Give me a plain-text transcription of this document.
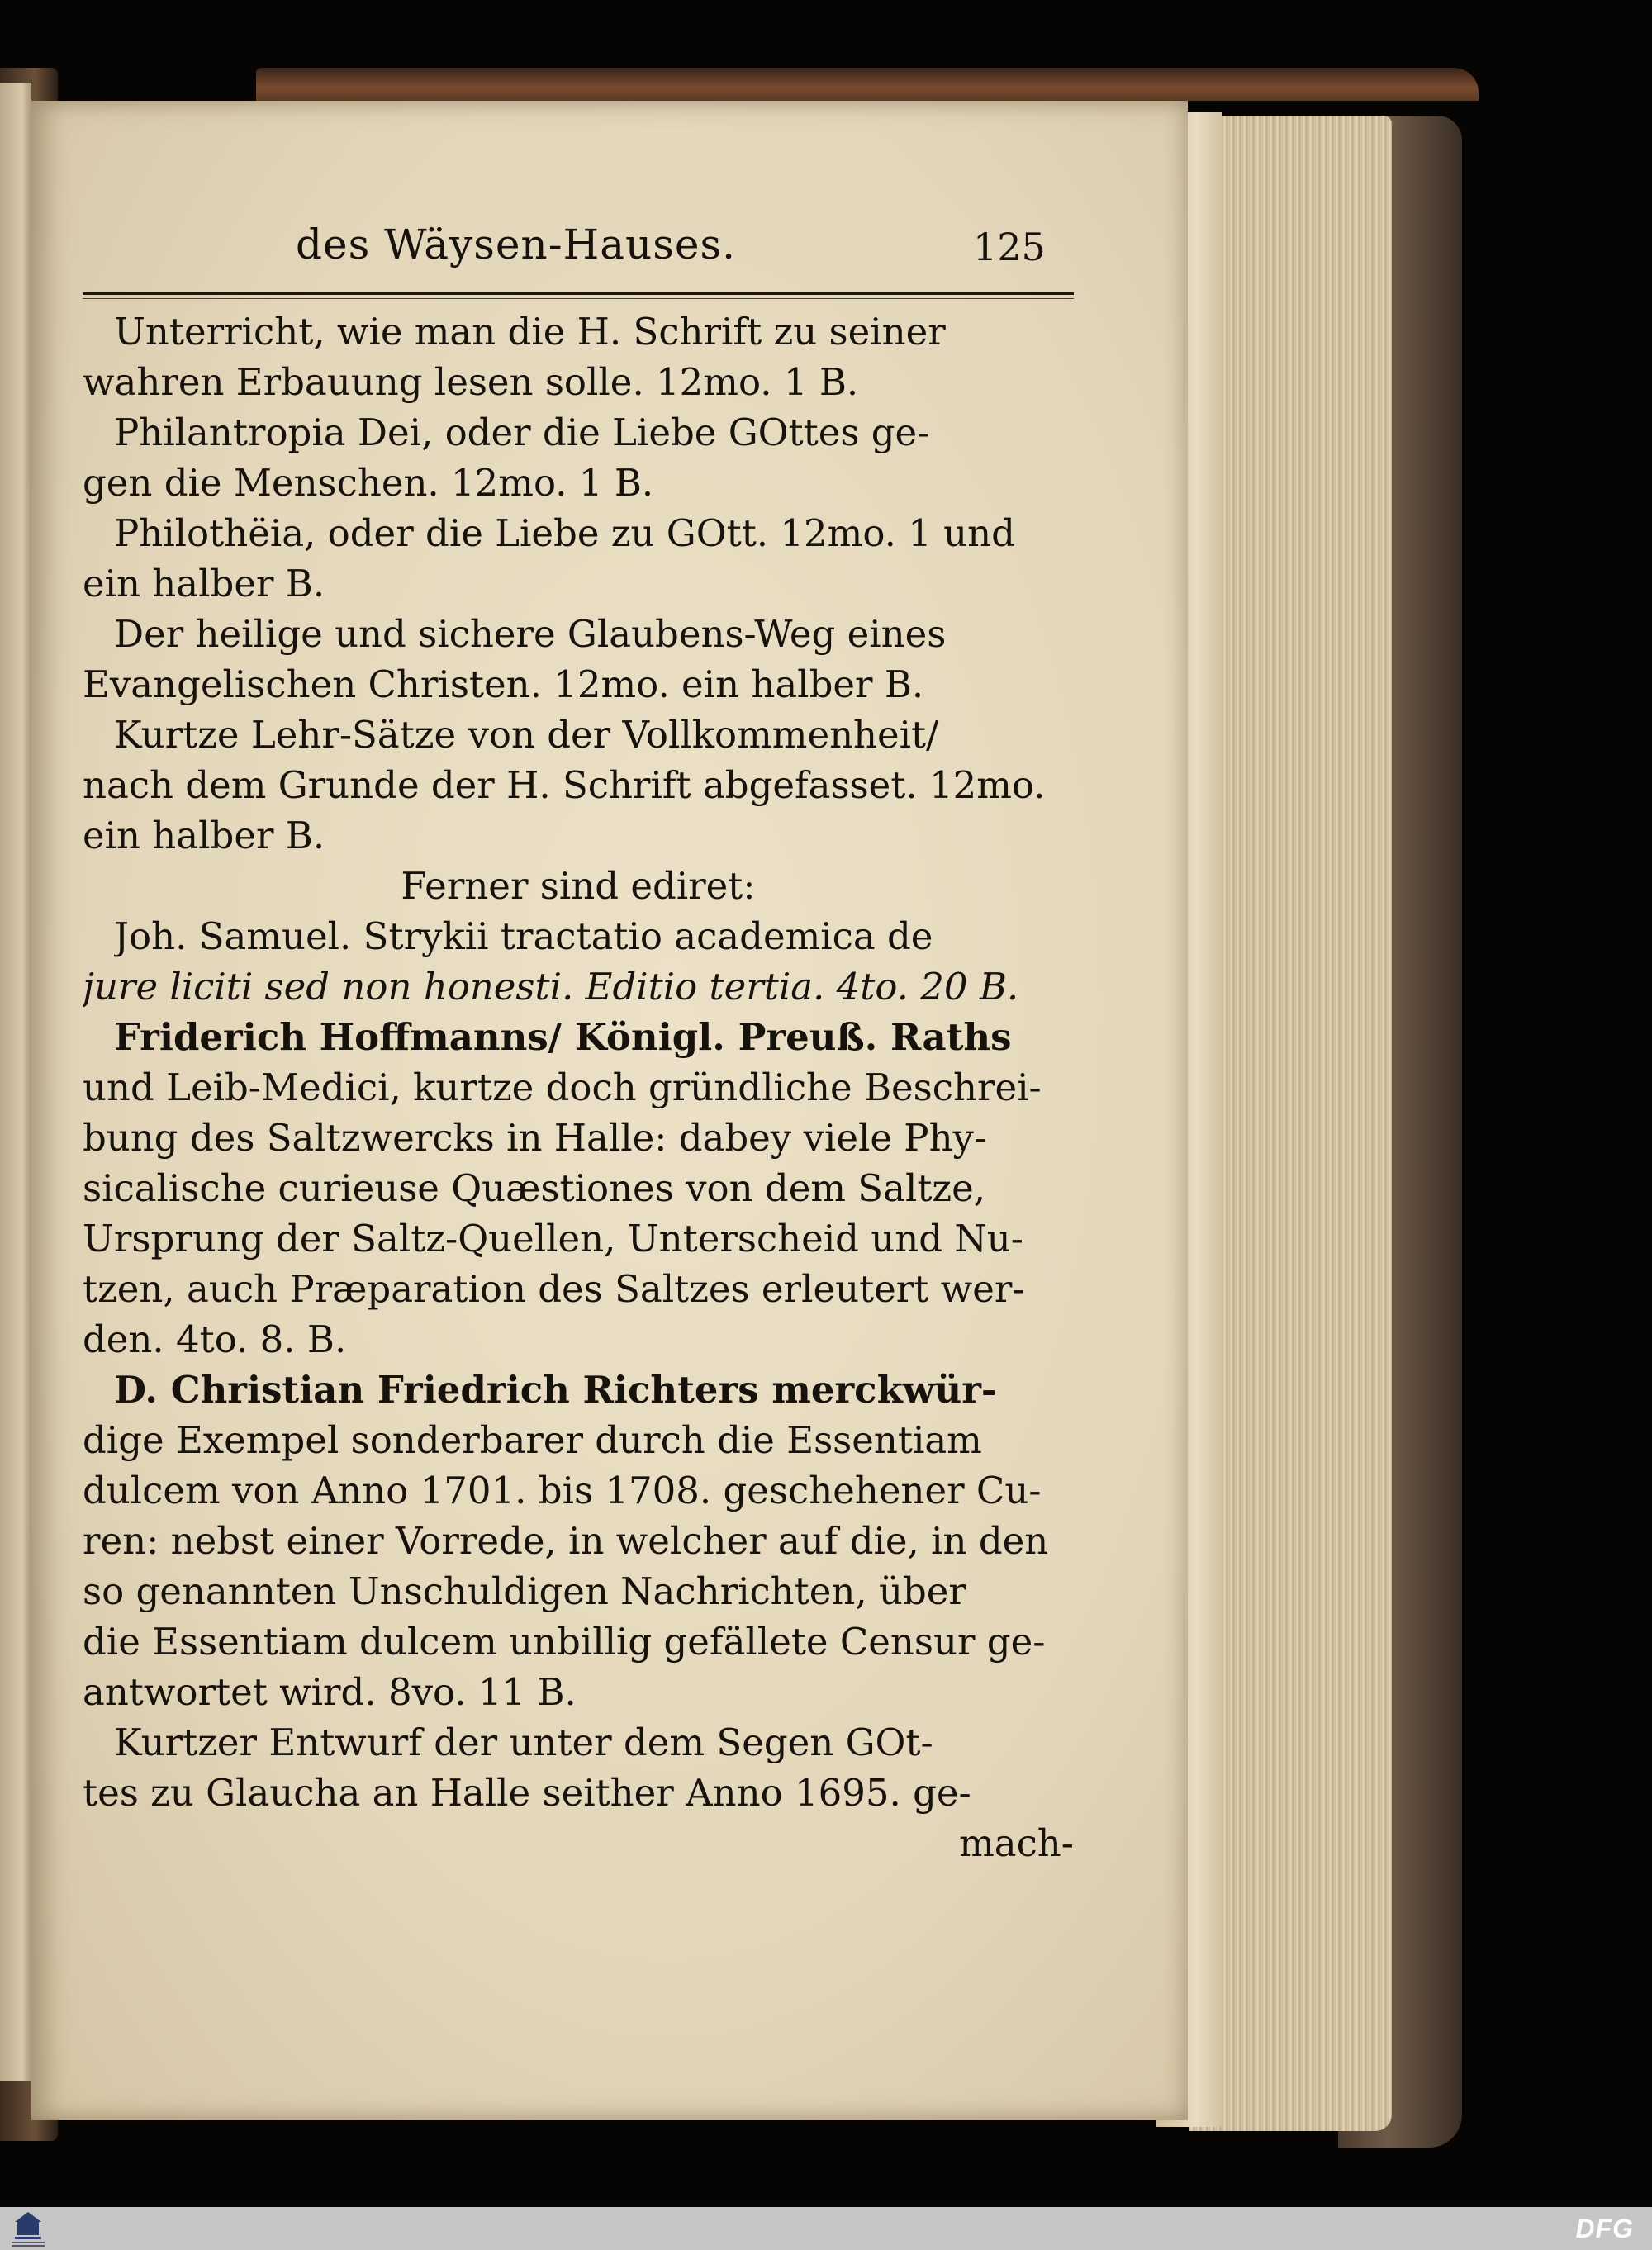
des Wäysen-Hauses.	125
Unterricht, wie man die H. Schrift zu seiner
wahren Erbauung lesen solle. 12mo. 1 B.
Philantropia Dei, oder die Liebe GOttes ge-
gen die Menschen. 12mo. 1 B.
Philothëia, oder die Liebe zu GOtt. 12mo. 1 und
ein halber B.
Der heilige und sichere Glaubens-Weg eines
Evangelischen Christen. 12mo. ein halber B.
Kurtze Lehr-Sätze von der Vollkommenheit/
nach dem Grunde der H. Schrift abgefasset. 12mo.
ein halber B.
Ferner sind ediret:
Joh. Samuel. Strykii tractatio academica de
jure liciti sed non honesti. Editio tertia. 4to. 20 B.
Friderich Hoffmanns/ Königl. Preuß. Raths
und Leib-Medici, kurtze doch gründliche Beschrei-
bung des Saltzwercks in Halle: dabey viele Phy-
sicalische curieuse Quæstiones von dem Saltze,
Ursprung der Saltz-Quellen, Unterscheid und Nu-
tzen, auch Præparation des Saltzes erleutert wer-
den. 4to. 8. B.
D. Christian Friedrich Richters merckwür-
dige Exempel sonderbarer durch die Essentiam
dulcem von Anno 1701. bis 1708. geschehener Cu-
ren: nebst einer Vorrede, in welcher auf die, in den
so genannten Unschuldigen Nachrichten, über
die Essentiam dulcem unbillig gefällete Censur ge-
antwortet wird. 8vo. 11 B.
Kurtzer Entwurf der unter dem Segen GOt-
tes zu Glaucha an Halle seither Anno 1695. ge-
mach-
DFG
